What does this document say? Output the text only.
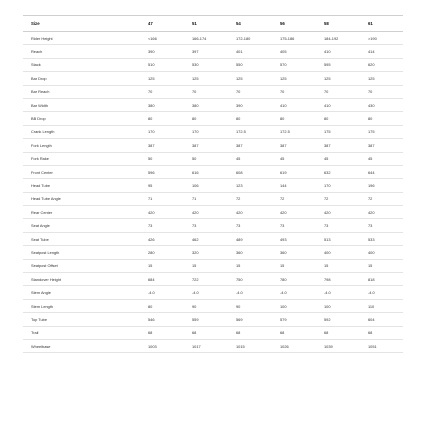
Size	47	51	54	56	58	61
Rider Height	<166	166-174	172-180	175-186	184-192	>190
Reach	390	397	401	405	410	414
Stack	510	530	550	570	595	620
Bar Drop	125	125	125	125	125	125
Bar Reach	70	70	70	70	70	70
Bar Width	380	380	390	410	410	430
BB Drop	80	80	80	80	80	80
Crank Length	170	170	172.5	172.5	175	175
Fork Length	387	387	387	387	387	387
Fork Rake	50	50	45	45	45	45
Front Center	596	616	608	619	632	644
Head Tube	95	106	123	144	170	196
Head Tube Angle	71	71	72	72	72	72
Rear Center	420	420	420	420	420	420
Seat Angle	73	73	73	73	73	73
Seat Tube	426	462	489	493	513	533
Seatpost Length	280	320	360	360	400	400
Seatpost Offset	15	15	15	15	15	15
Standover Height	684	722	750	780	798	818
Stem Angle	-4.0	-4.0	-4.0	-4.0	-4.0	-4.0
Stem Length	80	90	90	100	100	110
Top Tube	546	559	569	579	592	604
Trail	68	68	68	68	68	68
Wheelbase	1003	1017	1015	1026	1039	1051
